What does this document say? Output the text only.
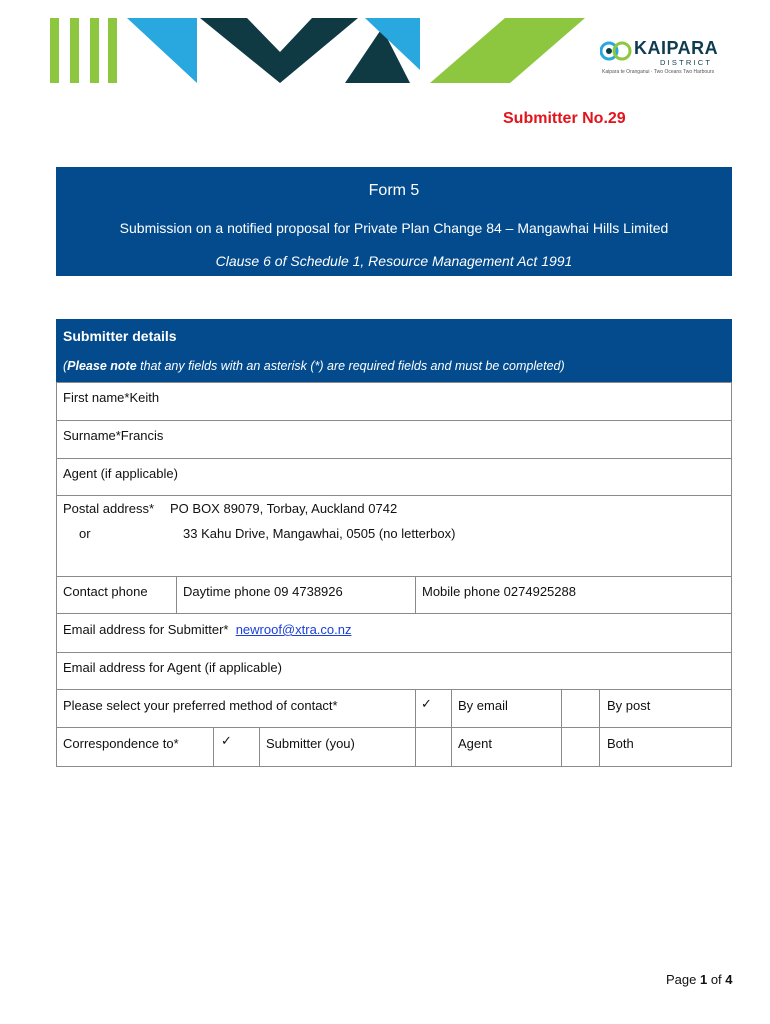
KAIPARA
DISTRICT
Kaipara te Oranganui · Two Oceans Two Harbours
Submitter No.29
Form 5
Submission on a notified proposal for Private Plan Change 84 – Mangawhai Hills Limited
Clause 6 of Schedule 1, Resource Management Act 1991
Submitter details
(Please note that any fields with an asterisk (*) are required fields and must be completed)
First name*Keith
Surname*Francis
Agent (if applicable)
Postal address* PO BOX 89079, Torbay, Auckland 0742
or	33 Kahu Drive, Mangawhai, 0505 (no letterbox)
Contact phone	Daytime phone 09 4738926	Mobile phone 0274925288
Email address for Submitter* newroof@xtra.co.nz
Email address for Agent (if applicable)
Please select your preferred method of contact*	✓ By email	By post
Correspondence to*	✓	Submitter (you)	Agent	Both
Page 1 of 4
